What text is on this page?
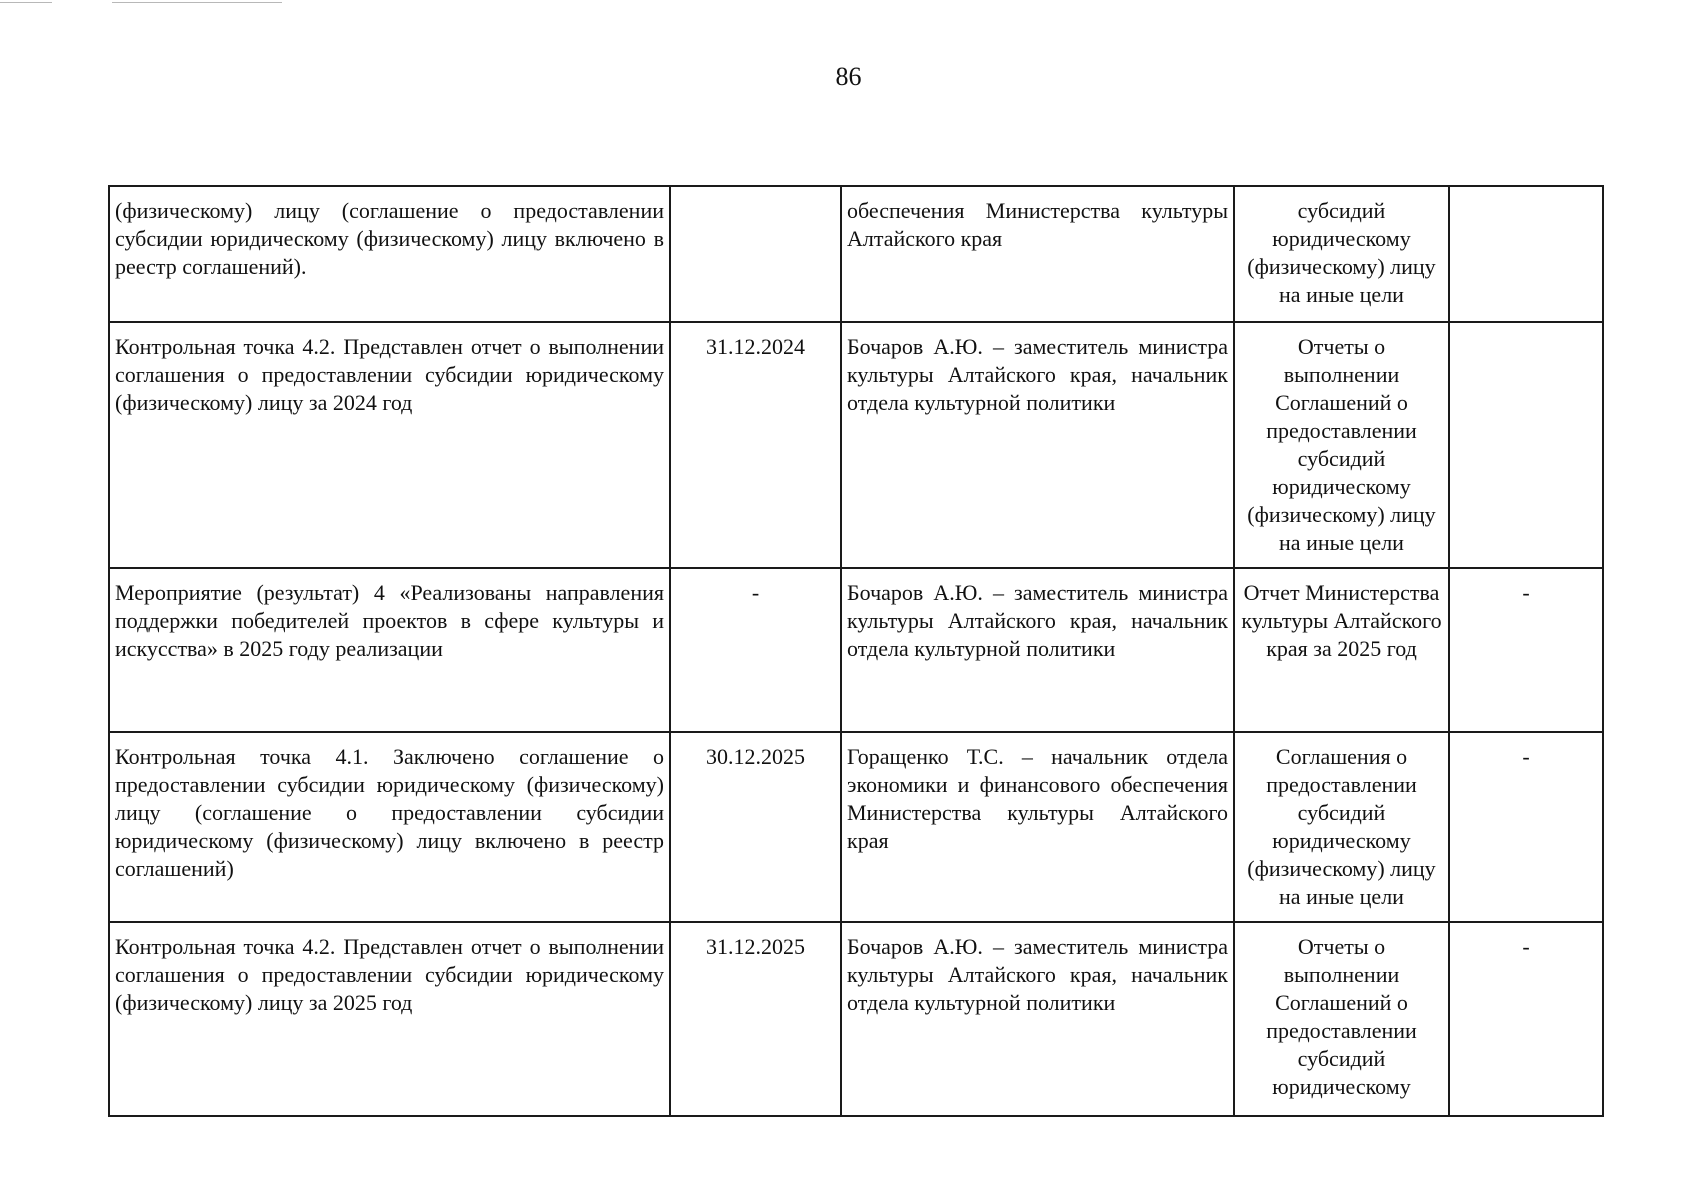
86
(физическому) лицу (соглашение о предоставлении субсидии юридическому (физическому) лицу включено в реестр соглашений).		обеспечения Министерства культуры Алтайского края	субсидий юридическому (физическому) лицу на иные цели	
Контрольная точка 4.2. Представлен отчет о выполнении соглашения о предоставлении субсидии юридическому (физическому) лицу за 2024 год	31.12.2024	Бочаров А.Ю. – заместитель министра культуры Алтайского края, начальник отдела культурной политики	Отчеты о выполнении Соглашений о предоставлении субсидий юридическому (физическому) лицу на иные цели	
Мероприятие (результат) 4 «Реализованы направления поддержки победителей проектов в сфере культуры и искусства» в 2025 году реализации	-	Бочаров А.Ю. – заместитель министра культуры Алтайского края, начальник отдела культурной политики	Отчет Министерства культуры Алтайского края за 2025 год	-
Контрольная точка 4.1. Заключено соглашение о предоставлении субсидии юридическому (физическому) лицу (соглашение о предоставлении субсидии юридическому (физическому) лицу включено в реестр соглашений)	30.12.2025	Горащенко Т.С. – начальник отдела экономики и финансового обеспечения Министерства культуры Алтайского края	Соглашения о предоставлении субсидий юридическому (физическому) лицу на иные цели	-
Контрольная точка 4.2. Представлен отчет о выполнении соглашения о предоставлении субсидии юридическому (физическому) лицу за 2025 год	31.12.2025	Бочаров А.Ю. – заместитель министра культуры Алтайского края, начальник отдела культурной политики	Отчеты о выполнении Соглашений о предоставлении субсидий юридическому	-
